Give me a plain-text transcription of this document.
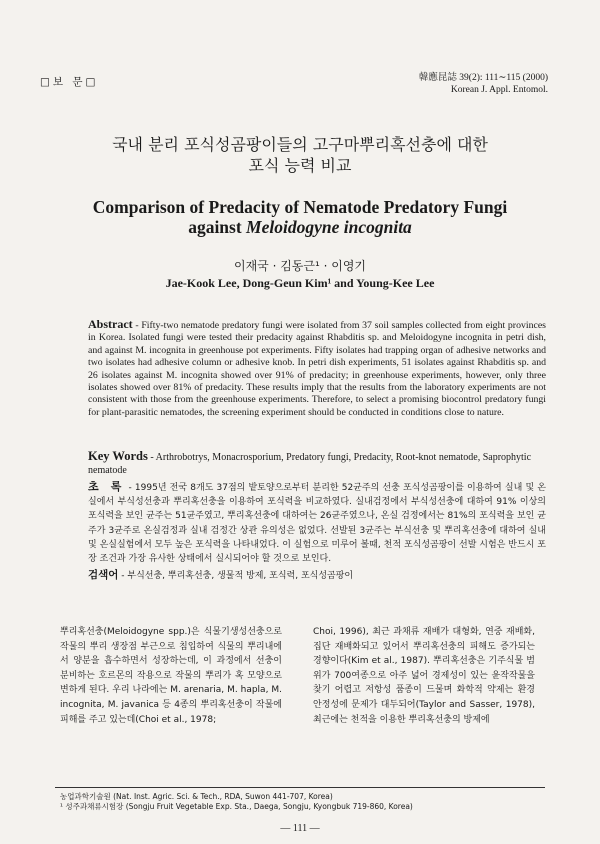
□보 문□	韓應昆誌 39(2): 111∼115 (2000)
Korean J. Appl. Entomol.
국내 분리 포식성곰팡이들의 고구마뿌리혹선충에 대한
포식 능력 비교
Comparison of Predacity of Nematode Predatory Fungi
against Meloidogyne incognita
이재국 · 김동근¹ · 이영기
Jae-Kook Lee, Dong-Geun Kim¹ and Young-Kee Lee
Abstract - Fifty-two nematode predatory fungi were isolated from 37 soil samples collected from eight provinces in Korea. Isolated fungi were tested their predacity against Rhabditis sp. and Meloidogyne incognita in petri dish, and against M. incognita in greenhouse pot experiments. Fifty isolates had trapping organ of adhesive networks and two isolates had adhesive column or adhesive knob. In petri dish experiments, 51 isolates against Rhabditis sp. and 26 isolates against M. incognita showed over 91% of predacity; in greenhouse experiments, however, only three isolates showed over 81% of predacity. These results imply that the results from the laboratory experiments are not consistent with those from the greenhouse experiments. Therefore, to select a promising biocontrol predatory fungi for plant-parasitic nematodes, the screening experiment should be conducted in conditions close to nature.
Key Words - Arthrobotrys, Monacrosporium, Predatory fungi, Predacity, Root-knot nematode, Saprophytic nematode
초 록 - 1995년 전국 8개도 37점의 밭토양으로부터 분리한 52균주의 선충 포식성곰팡이를 이용하여 실내 및 온실에서 부식성선충과 뿌리혹선충을 이용하여 포식력을 비교하였다. 실내검정에서 부식성선충에 대하여 91% 이상의 포식력을 보인 균주는 51균주였고, 뿌리혹선충에 대하여는 26균주였으나, 온실 검정에서는 81%의 포식력을 보인 균주가 3균주로 온실검정과 실내 검정간 상관 유의성은 없었다. 선발된 3균주는 부식선충 및 뿌리혹선충에 대하여 실내 및 온실실험에서 모두 높은 포식력을 나타내었다. 이 실험으로 미루어 볼때, 천적 포식성곰팡이 선발 시험은 반드시 포장 조건과 가장 유사한 상태에서 실시되어야 할 것으로 보인다.
검색어 - 부식선충, 뿌리혹선충, 생물적 방제, 포식력, 포식성곰팡이
뿌리혹선충(Meloidogyne spp.)은 식물기생성선충으로 작물의 뿌리 생장점 부근으로 침입하여 식물의 뿌리내에서 양분을 흡수하면서 성장하는데, 이 과정에서 선충이 분비하는 호르몬의 작용으로 작물의 뿌리가 혹 모양으로 변하게 된다. 우리 나라에는 M. arenaria, M. hapla, M. incognita, M. javanica 등 4종의 뿌리혹선충이 작물에 피해를 주고 있는데(Choi et al., 1978;
Choi, 1996), 최근 과채류 재배가 대형화, 연중 재배화, 집단 재배화되고 있어서 뿌리혹선충의 피해도 증가되는 경향이다(Kim et al., 1987). 뿌리혹선충은 기주식물 범위가 700여종으로 아주 넓어 경제성이 있는 윤작작물을 찾기 어렵고 저항성 품종이 드물며 화학적 약제는 환경 안정성에 문제가 대두되어(Taylor and Sasser, 1978), 최근에는 천적을 이용한 뿌리혹선충의 방제에
농업과학기술원 (Nat. Inst. Agric. Sci. & Tech., RDA, Suwon 441-707, Korea)
¹ 성주과채류시험장 (Songju Fruit Vegetable Exp. Sta., Daega, Songju, Kyongbuk 719-860, Korea)
— 111 —
